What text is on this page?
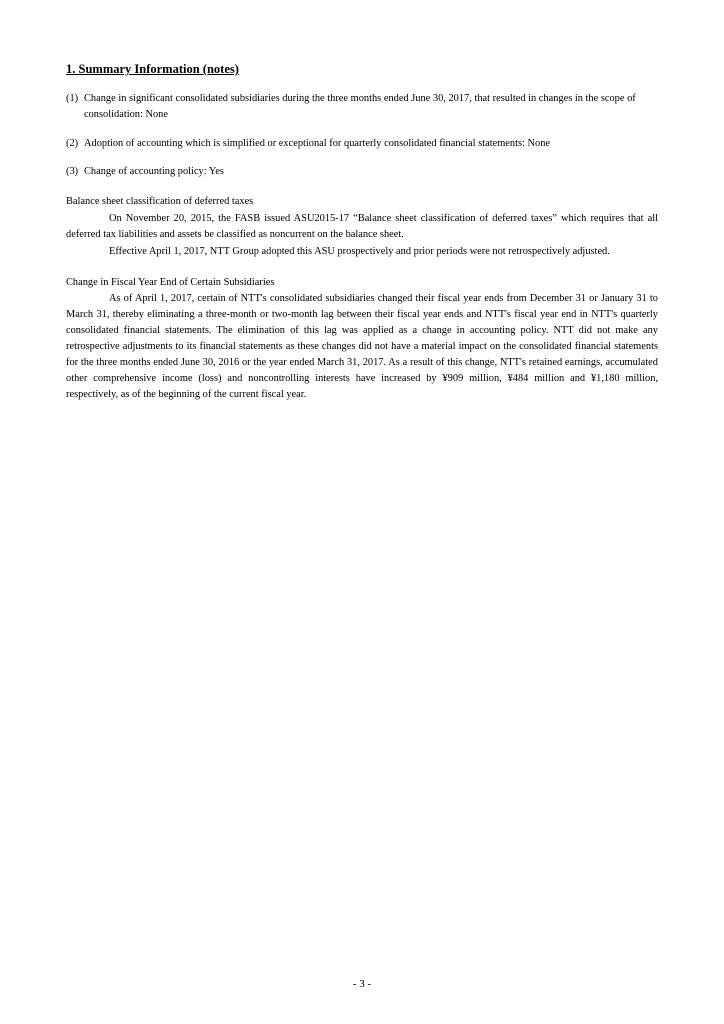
1. Summary Information (notes)
(1) Change in significant consolidated subsidiaries during the three months ended June 30, 2017, that resulted in changes in the scope of consolidation: None
(2) Adoption of accounting which is simplified or exceptional for quarterly consolidated financial statements: None
(3) Change of accounting policy: Yes
Balance sheet classification of deferred taxes
On November 20, 2015, the FASB issued ASU2015-17 “Balance sheet classification of deferred taxes” which requires that all deferred tax liabilities and assets be classified as noncurrent on the balance sheet.
Effective April 1, 2017, NTT Group adopted this ASU prospectively and prior periods were not retrospectively adjusted.
Change in Fiscal Year End of Certain Subsidiaries
As of April 1, 2017, certain of NTT's consolidated subsidiaries changed their fiscal year ends from December 31 or January 31 to March 31, thereby eliminating a three-month or two-month lag between their fiscal year ends and NTT's fiscal year end in NTT's quarterly consolidated financial statements. The elimination of this lag was applied as a change in accounting policy. NTT did not make any retrospective adjustments to its financial statements as these changes did not have a material impact on the consolidated financial statements for the three months ended June 30, 2016 or the year ended March 31, 2017. As a result of this change, NTT's retained earnings, accumulated other comprehensive income (loss) and noncontrolling interests have increased by ¥909 million, ¥484 million and ¥1,180 million, respectively, as of the beginning of the current fiscal year.
- 3 -
